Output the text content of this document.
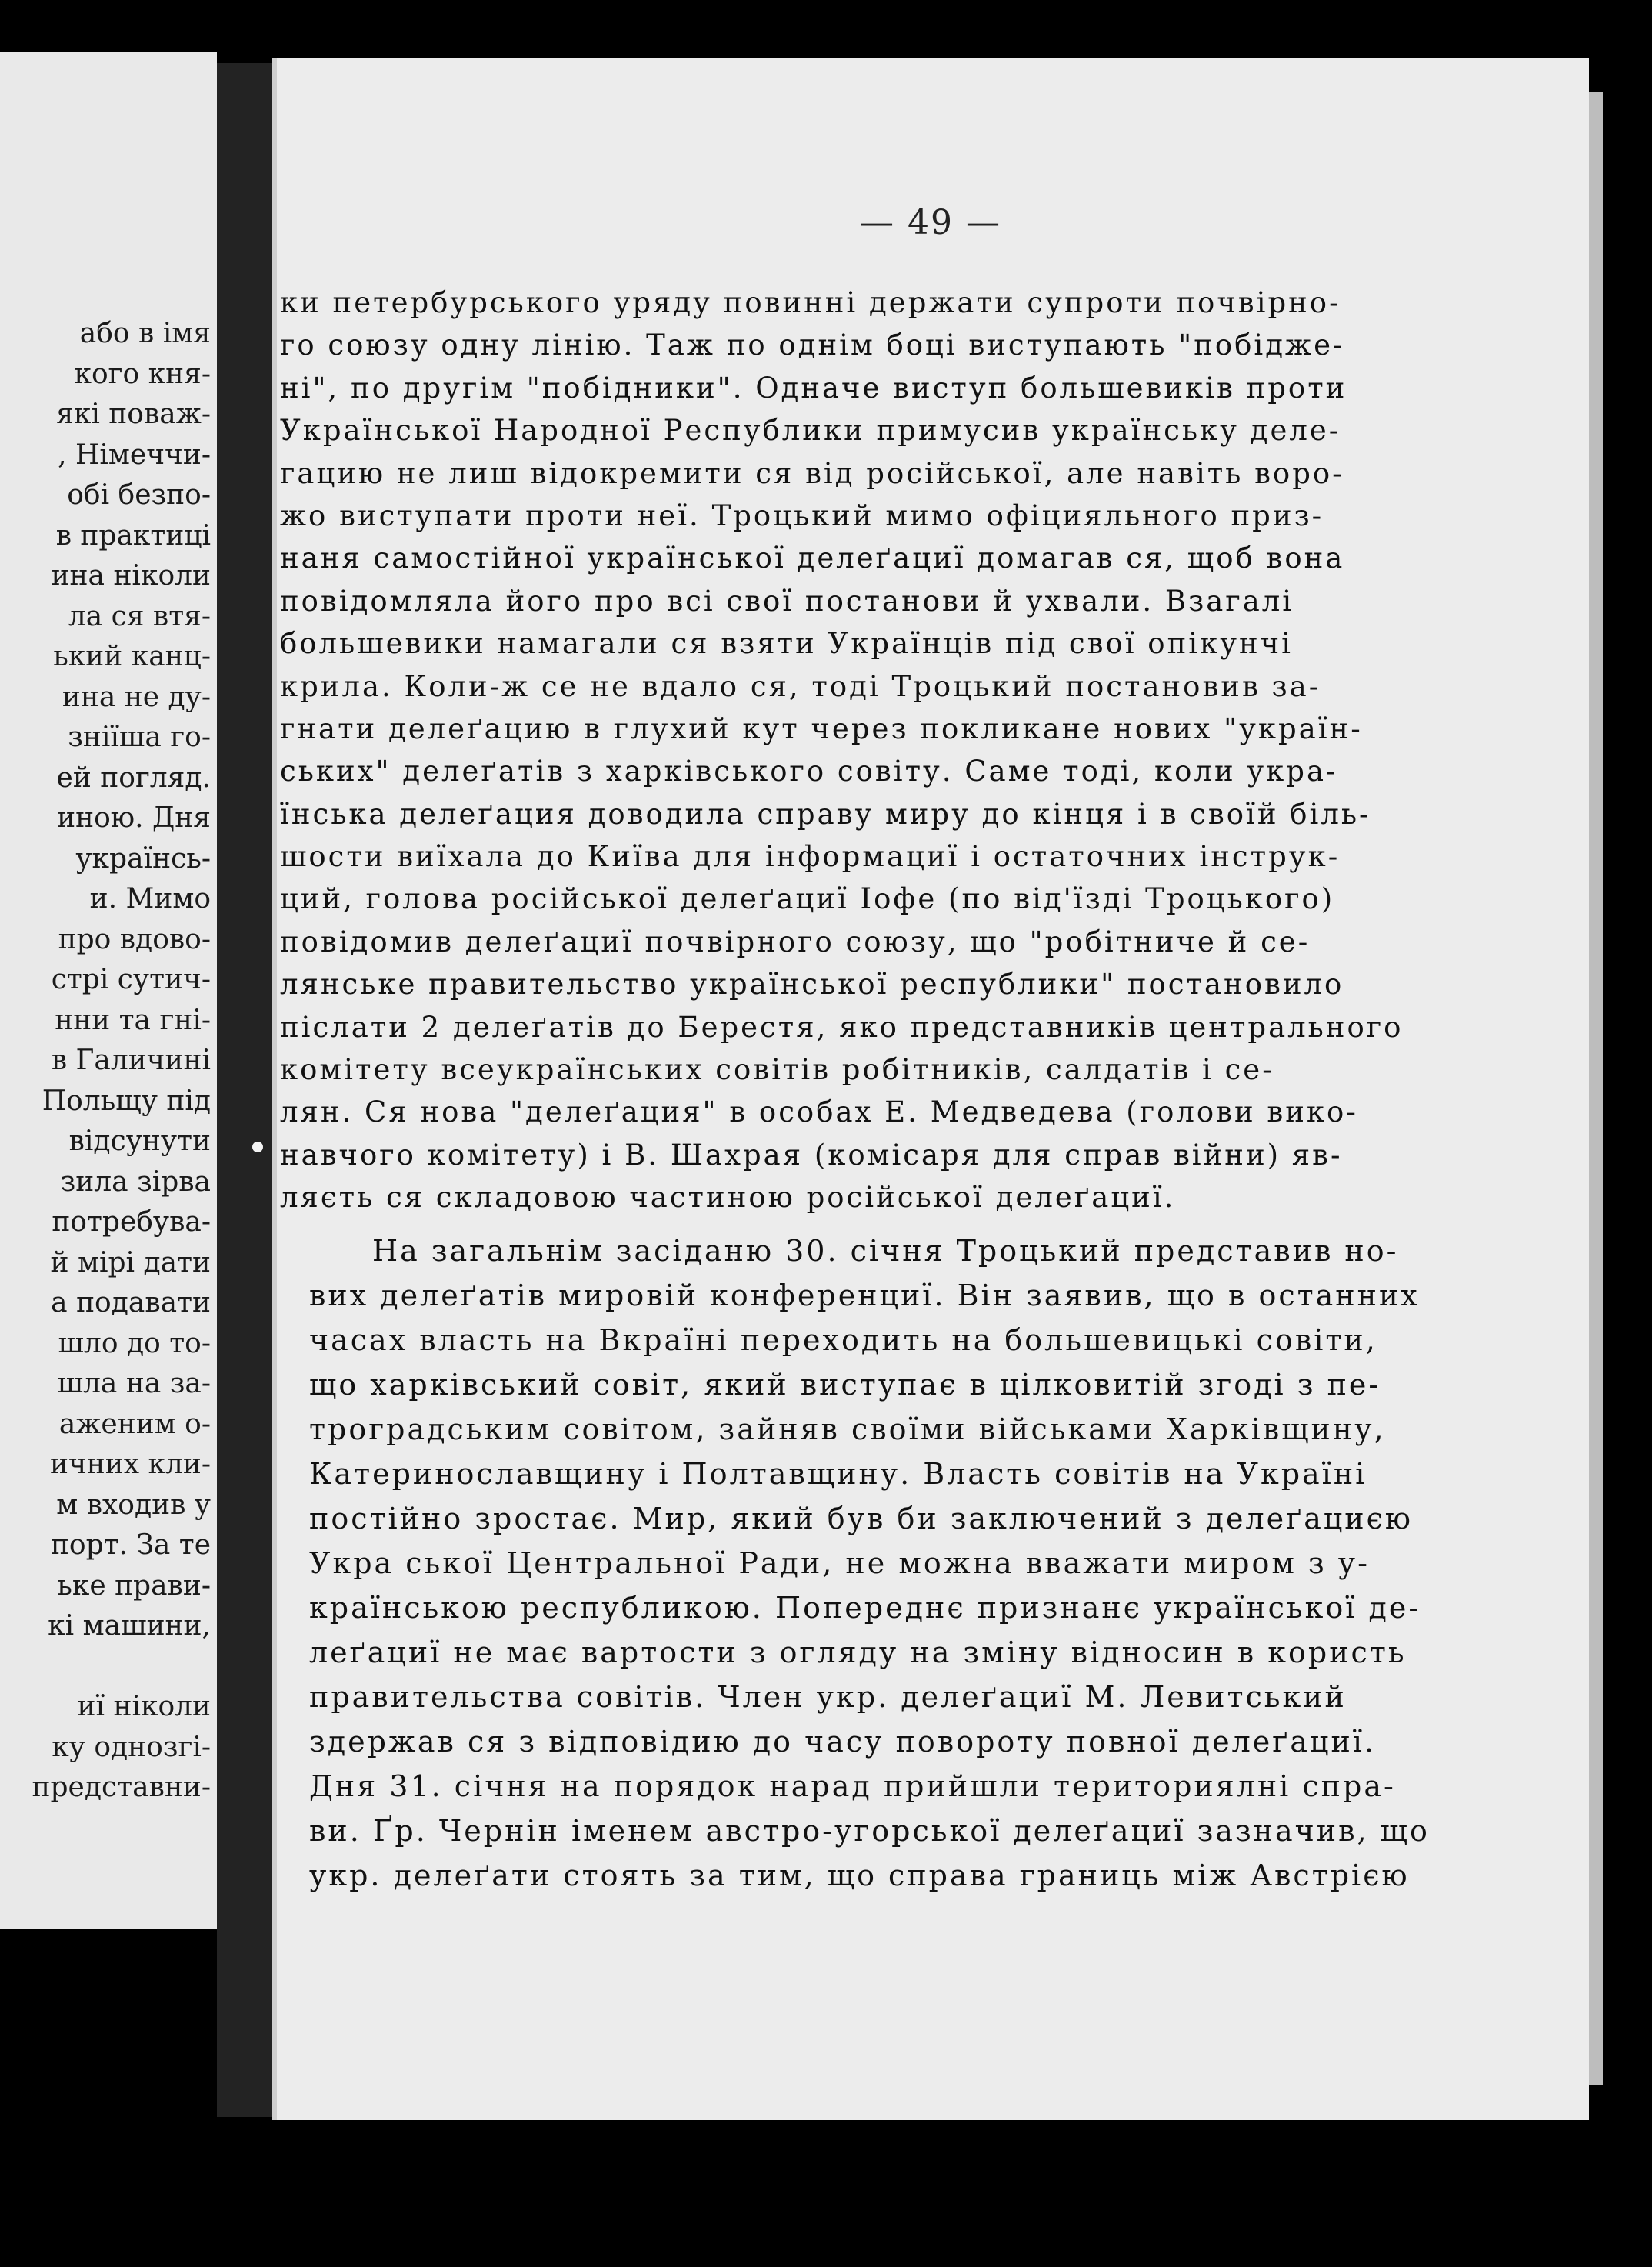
або в імя
кого кня-
які поваж-
, Німеччи-
обі безпо-
в практиці
ина ніколи
ла ся втя-
ький канц-
ина не ду-
зніїша го-
ей погляд.
иною. Дня
українсь-
и. Мимо
про вдово-
стрі сутич-
нни та гні-
в Галичині
Польщу під
відсунути
зила зірва
потребува-
й мірі дати
а подавати
шло до то-
шла на за-
аженим о-
ичних кли-
м входив у
порт. За те
ьке прави-
кі машини,
иї ніколи
ку однозгі-
представни-
— 49 —
ки петербурського уряду повинні держати супроти почвірно-
го союзу одну лінію. Таж по однім боці виступають "побідже-
ні", по другім "побідники". Одначе виступ большевиків проти
Української Народної Республики примусив українську деле-
гацию не лиш відокремити ся від російської, але навіть воро-
жо виступати проти неї. Троцький мимо офіцияльного приз-
наня самостійної української делеґациї домагав ся, щоб вона
повідомляла його про всі свої постанови й ухвали. Взагалі
большевики намагали ся взяти Українців під свої опікунчі
крила. Коли-ж се не вдало ся, тоді Троцький постановив за-
гнати делеґацию в глухий кут через покликане нових "україн-
ських" делеґатів з харківського совіту. Саме тоді, коли укра-
їнська делеґация доводила справу миру до кінця і в своїй біль-
шости виїхала до Київа для інформациї і остаточних інструк-
ций, голова російської делеґациї Іофе (по від'їзді Троцького)
повідомив делеґациї почвірного союзу, що "робітниче й се-
лянське правительство української республики" постановило
післати 2 делеґатів до Берестя, яко представників центрального
комітету всеукраїнських совітів робітників, салдатів і се-
лян. Ся нова "делеґация" в особах Е. Медведева (голови вико-
навчого комітету) і В. Шахрая (комісаря для справ війни) яв-
ляєть ся складовою частиною російської делеґациї.
На загальнім засіданю 30. січня Троцький представив но-
вих делеґатів мировій конференциї. Він заявив, що в останних
часах власть на Вкраїні переходить на большевицькі совіти,
що харківський совіт, який виступає в цілковитій згоді з пе-
троградським совітом, зайняв своїми військами Харківщину,
Катеринославщину і Полтавщину. Власть совітів на Україні
постійно зростає. Мир, який був би заключений з делеґациєю
Укра ської Центральної Ради, не можна вважати миром з у-
країнською республикою. Попереднє признанє української де-
леґациї не має вартости з огляду на зміну відносин в користь
правительства совітів. Член укр. делеґациї М. Левитський
здержав ся з відповідию до часу повороту повної делеґациї.
Дня 31. січня на порядок нарад прийшли териториялні спра-
ви. Ґр. Чернін іменем австро-угорської делеґациї зазначив, що
укр. делеґати стоять за тим, що справа границь між Австрією
